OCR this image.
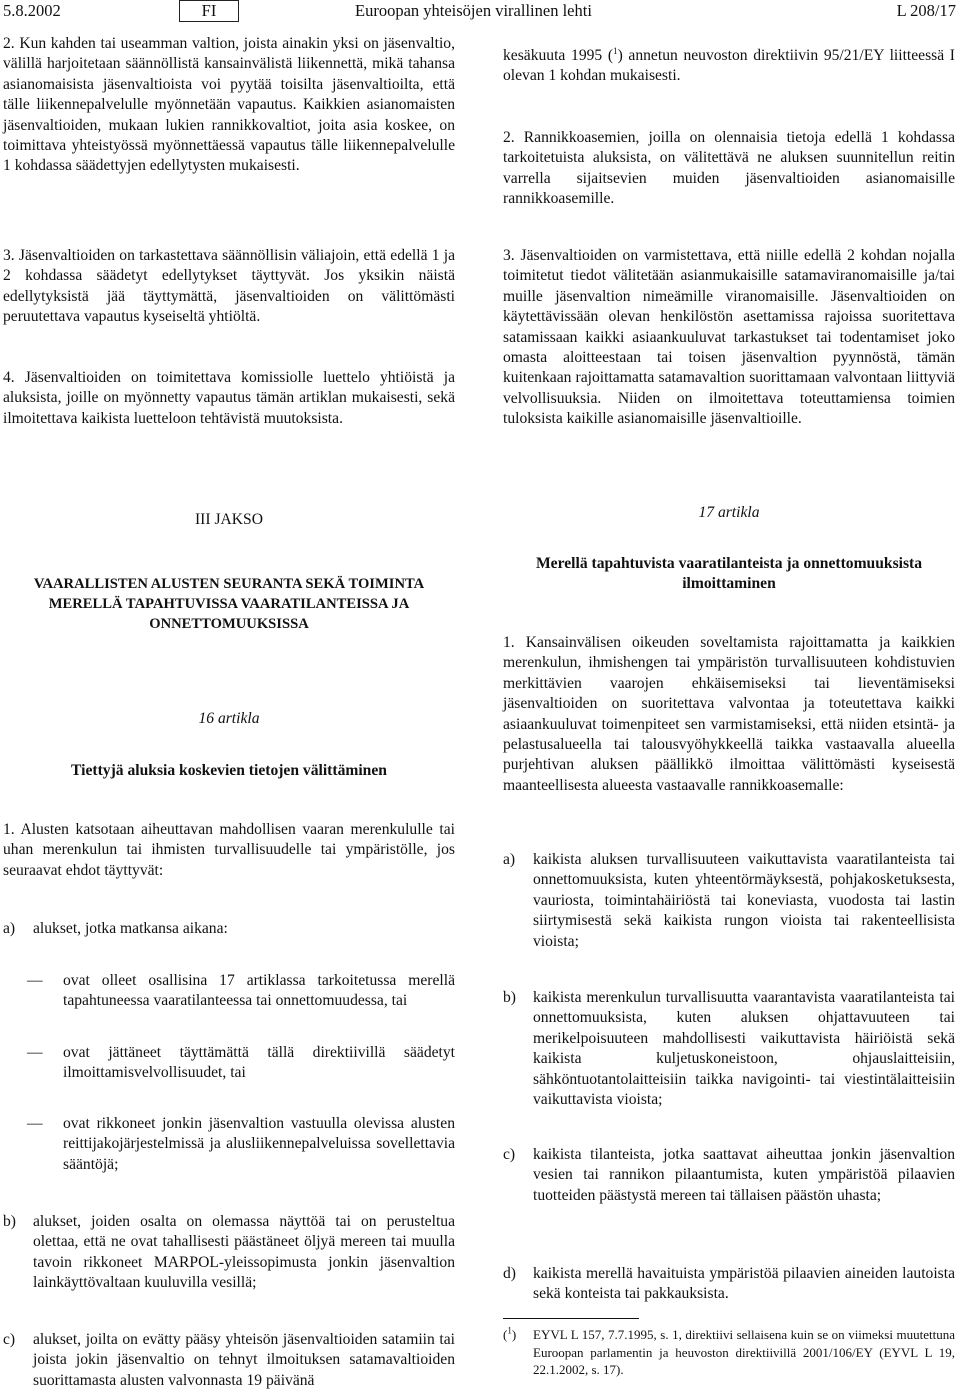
5.8.2002	FI	Euroopan yhteisöjen virallinen lehti	L 208/17
2. Kun kahden tai useamman valtion, joista ainakin yksi on jäsenvaltio, välillä harjoitetaan säännöllistä kansainvälistä liikennettä, mikä tahansa asianomaisista jäsenvaltioista voi pyytää toisilta jäsenvaltioilta, että tälle liikennepalvelulle myönnetään vapautus. Kaikkien asianomaisten jäsenvaltioiden, mukaan lukien rannikkovaltiot, joita asia koskee, on toimittava yhteistyössä myönnettäessä vapautus tälle liikennepalvelulle 1 kohdassa säädettyjen edellytysten mukaisesti.
3. Jäsenvaltioiden on tarkastettava säännöllisin väliajoin, että edellä 1 ja 2 kohdassa säädetyt edellytykset täyttyvät. Jos yksikin näistä edellytyksistä jää täyttymättä, jäsenvaltioiden on välittömästi peruutettava vapautus kyseiseltä yhtiöltä.
4. Jäsenvaltioiden on toimitettava komissiolle luettelo yhtiöistä ja aluksista, joille on myönnetty vapautus tämän artiklan mukaisesti, sekä ilmoitettava kaikista luetteloon tehtävistä muutoksista.
III JAKSO
VAARALLISTEN ALUSTEN SEURANTA SEKÄ TOIMINTA
MERELLÄ TAPAHTUVISSA VAARATILANTEISSA JA
ONNETTOMUUKSISSA
16 artikla
Tiettyjä aluksia koskevien tietojen välittäminen
1. Alusten katsotaan aiheuttavan mahdollisen vaaran merenkululle tai uhan merenkulun tai ihmisten turvallisuudelle tai ympäristölle, jos seuraavat ehdot täyttyvät:
a) alukset, jotka matkansa aikana:
— ovat olleet osallisina 17 artiklassa tarkoitetussa merellä tapahtuneessa vaaratilanteessa tai onnettomuudessa, tai
— ovat jättäneet täyttämättä tällä direktiivillä säädetyt ilmoittamisvelvollisuudet, tai
— ovat rikkoneet jonkin jäsenvaltion vastuulla olevissa alusten reittijakojärjestelmissä ja alusliikennepalveluissa sovellettavia sääntöjä;
b) alukset, joiden osalta on olemassa näyttöä tai on perusteltua olettaa, että ne ovat tahallisesti päästäneet öljyä mereen tai muulla tavoin rikkoneet MARPOL-yleissopimusta jonkin jäsenvaltion lainkäyttövaltaan kuuluvilla vesillä;
c) alukset, joilta on evätty pääsy yhteisön jäsenvaltioiden satamiin tai joista jokin jäsenvaltio on tehnyt ilmoituksen satamavaltioiden suorittamasta alusten valvonnasta 19 päivänä
kesäkuuta 1995 ($^1$) annetun neuvoston direktiivin 95/21/EY liitteessä I olevan 1 kohdan mukaisesti.
2. Rannikkoasemien, joilla on olennaisia tietoja edellä 1 kohdassa tarkoitetuista aluksista, on välitettävä ne aluksen suunnitellun reitin varrella sijaitsevien muiden jäsenvaltioiden asianomaisille rannikkoasemille.
3. Jäsenvaltioiden on varmistettava, että niille edellä 2 kohdan nojalla toimitetut tiedot välitetään asianmukaisille satamaviranomaisille ja/tai muille jäsenvaltion nimeämille viranomaisille. Jäsenvaltioiden on käytettävissään olevan henkilöstön asettamissa rajoissa suoritettava satamissaan kaikki asiaankuuluvat tarkastukset tai todentamiset joko omasta aloitteestaan tai toisen jäsenvaltion pyynnöstä, tämän kuitenkaan rajoittamatta satamavaltion suorittamaan valvontaan liittyviä velvollisuuksia. Niiden on ilmoitettava toteuttamiensa toimien tuloksista kaikille asianomaisille jäsenvaltioille.
17 artikla
Merellä tapahtuvista vaaratilanteista ja onnettomuuksista
ilmoittaminen
1. Kansainvälisen oikeuden soveltamista rajoittamatta ja kaikkien merenkulun, ihmishengen tai ympäristön turvallisuuteen kohdistuvien merkittävien vaarojen ehkäisemiseksi tai lieventämiseksi jäsenvaltioiden on suoritettava valvontaa ja toteutettava kaikki asiaankuuluvat toimenpiteet sen varmistamiseksi, että niiden etsintä- ja pelastusalueella tai talousvyöhykkeellä taikka vastaavalla alueella purjehtivan aluksen päällikkö ilmoittaa välittömästi kyseisestä maanteellisesta alueesta vastaavalle rannikkoasemalle:
a) kaikista aluksen turvallisuuteen vaikuttavista vaaratilanteista tai onnettomuuksista, kuten yhteentörmäyksestä, pohjakosketuksesta, vauriosta, toimintahäiriöstä tai koneviasta, vuodosta tai lastin siirtymisestä sekä kaikista rungon vioista tai rakenteellisista vioista;
b) kaikista merenkulun turvallisuutta vaarantavista vaaratilanteista tai onnettomuuksista, kuten aluksen ohjattavuuteen tai merikelpoisuuteen mahdollisesti vaikuttavista häiriöistä sekä kaikista kuljetuskoneistoon, ohjauslaitteisiin, sähköntuotantolaitteisiin taikka navigointi- tai viestintälaitteisiin vaikuttavista vioista;
c) kaikista tilanteista, jotka saattavat aiheuttaa jonkin jäsenvaltion vesien tai rannikon pilaantumista, kuten ympäristöä pilaavien tuotteiden päästystä mereen tai tällaisen päästön uhasta;
d) kaikista merellä havaituista ympäristöä pilaavien aineiden lautoista sekä konteista tai pakkauksista.
($^1$) EYVL L 157, 7.7.1995, s. 1, direktiivi sellaisena kuin se on viimeksi muutettuna Euroopan parlamentin ja heuvoston direktiivillä 2001/106/EY (EYVL L 19, 22.1.2002, s. 17).
